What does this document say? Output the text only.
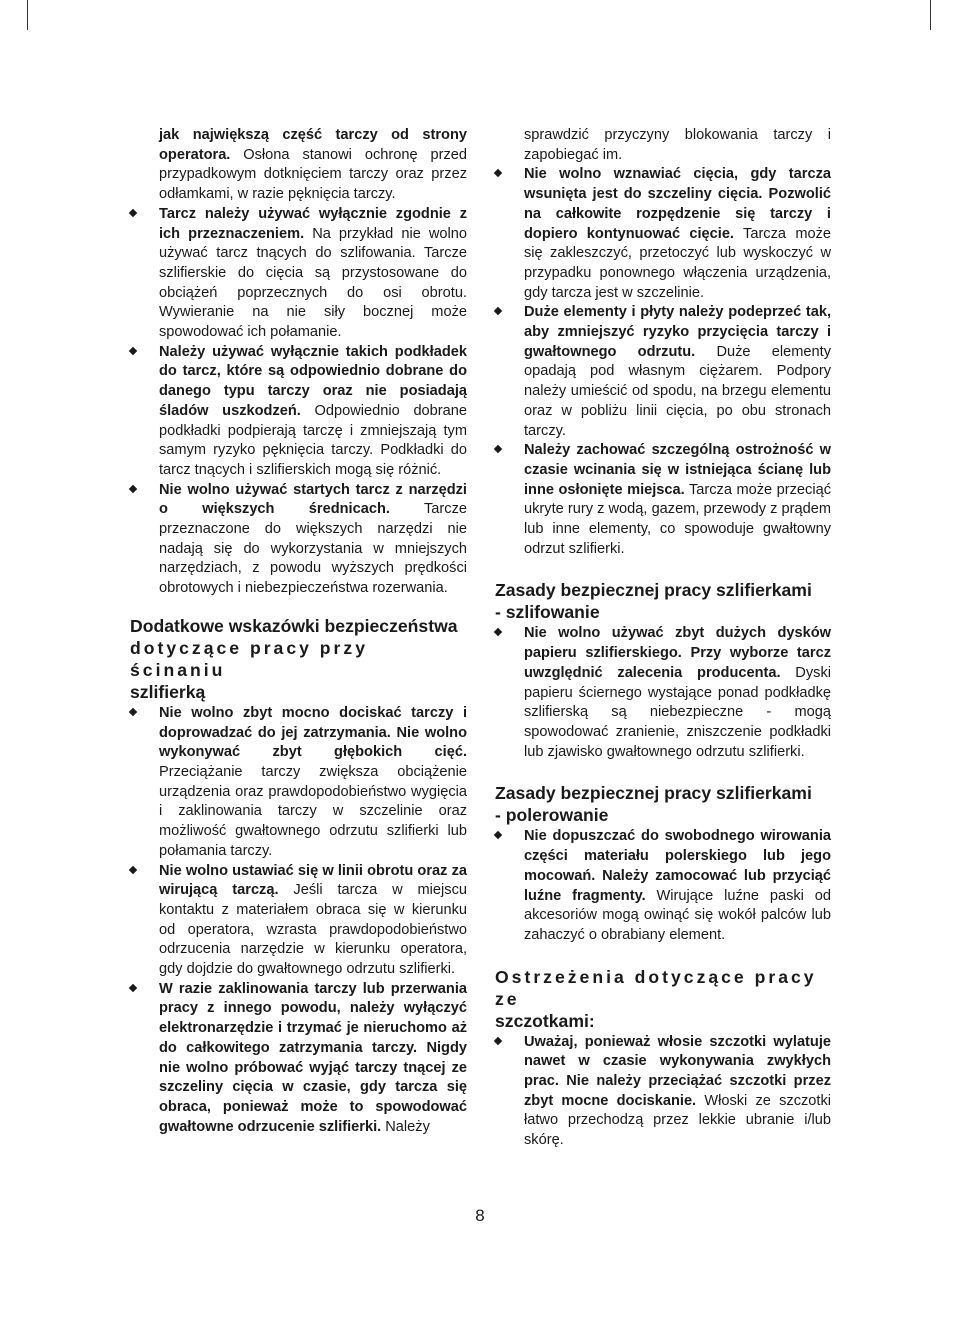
jak największą część tarczy od strony operatora. Osłona stanowi ochronę przed przypadkowym dotknięciem tarczy oraz przez odłamkami, w razie pęknięcia tarczy.

Tarcz należy używać wyłącznie zgodnie z ich przeznaczeniem. Na przykład nie wolno używać tarcz tnących do szlifowania. Tarcze szlifierskie do cięcia są przystosowane do obciążeń poprzecznych do osi obrotu. Wywieranie na nie siły bocznej może spowodować ich połamanie.

Należy używać wyłącznie takich podkładek do tarcz, które są odpowiednio dobrane do danego typu tarczy oraz nie posiadają śladów uszkodzeń. Odpowiednio dobrane podkładki podpierają tarczę i zmniejszają tym samym ryzyko pęknięcia tarczy. Podkładki do tarcz tnących i szlifierskich mogą się różnić.

Nie wolno używać startych tarcz z narzędzi o większych średnicach. Tarcze przeznaczone do większych narzędzi nie nadają się do wykorzystania w mniejszych narzędziach, z powodu wyższych prędkości obrotowych i niebezpieczeństwa rozerwania.

Dodatkowe wskazówki bezpieczeństwa
dotyczące pracy przy ścinaniu
szlifierką

Nie wolno zbyt mocno dociskać tarczy i doprowadzać do jej zatrzymania. Nie wolno wykonywać zbyt głębokich cięć. Przeciążanie tarczy zwiększa obciążenie urządzenia oraz prawdopodobieństwo wygięcia i zaklinowania tarczy w szczelinie oraz możliwość gwałtownego odrzutu szlifierki lub połamania tarczy.

Nie wolno ustawiać się w linii obrotu oraz za wirującą tarczą. Jeśli tarcza w miejscu kontaktu z materiałem obraca się w kierunku od operatora, wzrasta prawdopodobieństwo odrzucenia narzędzie w kierunku operatora, gdy dojdzie do gwałtownego odrzutu szlifierki.

W razie zaklinowania tarczy lub przerwania pracy z innego powodu, należy wyłączyć elektronarzędzie i trzymać je nieruchomo aż do całkowitego zatrzymania tarczy. Nigdy nie wolno próbować wyjąć tarczy tnącej ze szczeliny cięcia w czasie, gdy tarcza się obraca, ponieważ może to spowodować gwałtowne odrzucenie szlifierki. Należy

sprawdzić przyczyny blokowania tarczy i zapobiegać im.

Nie wolno wznawiać cięcia, gdy tarcza wsunięta jest do szczeliny cięcia. Pozwolić na całkowite rozpędzenie się tarczy i dopiero kontynuować cięcie. Tarcza może się zakleszczyć, przetoczyć lub wyskoczyć w przypadku ponownego włączenia urządzenia, gdy tarcza jest w szczelinie.

Duże elementy i płyty należy podeprzeć tak, aby zmniejszyć ryzyko przycięcia tarczy i gwałtownego odrzutu. Duże elementy opadają pod własnym ciężarem. Podpory należy umieścić od spodu, na brzegu elementu oraz w pobliżu linii cięcia, po obu stronach tarczy.

Należy zachować szczególną ostrożność w czasie wcinania się w istniejąca ścianę lub inne osłonięte miejsca. Tarcza może przeciąć ukryte rury z wodą, gazem, przewody z prądem lub inne elementy, co spowoduje gwałtowny odrzut szlifierki.

Zasady bezpiecznej pracy szlifierkami
- szlifowanie

Nie wolno używać zbyt dużych dysków papieru szlifierskiego. Przy wyborze tarcz uwzględnić zalecenia producenta. Dyski papieru ściernego wystające ponad podkładkę szlifierską są niebezpieczne - mogą spowodować zranienie, zniszczenie podkładki lub zjawisko gwałtownego odrzutu szlifierki.

Zasady bezpiecznej pracy szlifierkami
- polerowanie

Nie dopuszczać do swobodnego wirowania części materiału polerskiego lub jego mocowań. Należy zamocować lub przyciąć luźne fragmenty. Wirujące luźne paski od akcesoriów mogą owinąć się wokół palców lub zahaczyć o obrabiany element.

Ostrzeżenia dotyczące pracy ze
szczotkami:

Uważaj, ponieważ włosie szczotki wylatuje nawet w czasie wykonywania zwykłych prac. Nie należy przeciążać szczotki przez zbyt mocne dociskanie. Włoski ze szczotki łatwo przechodzą przez lekkie ubranie i/lub skórę.

8
